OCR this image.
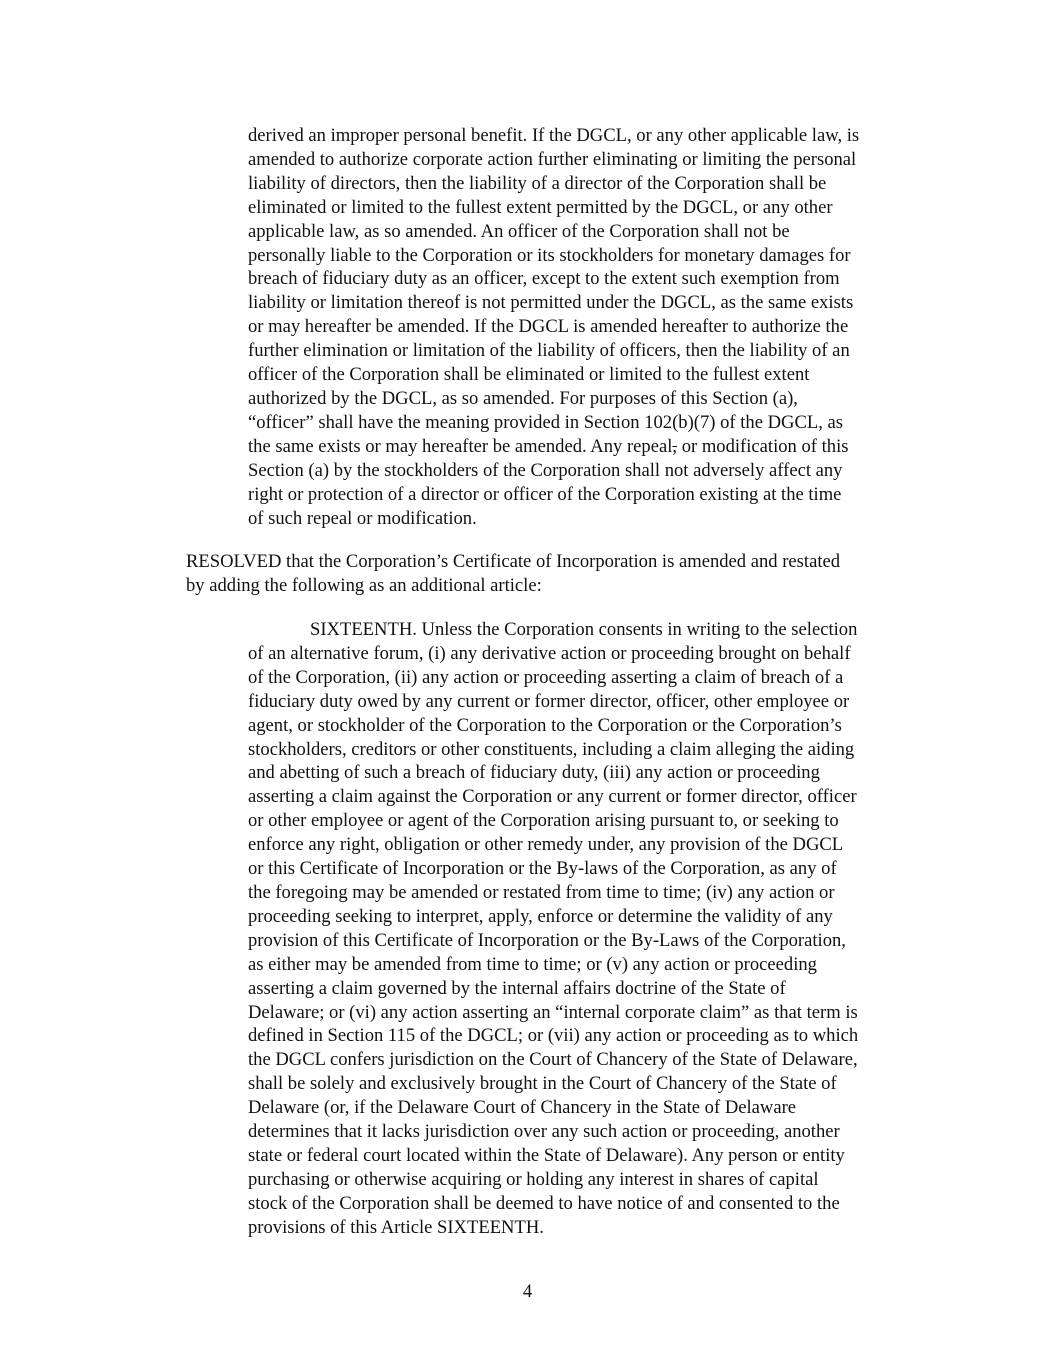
derived an improper personal benefit. If the DGCL, or any other applicable law, is
amended to authorize corporate action further eliminating or limiting the personal
liability of directors, then the liability of a director of the Corporation shall be
eliminated or limited to the fullest extent permitted by the DGCL, or any other
applicable law, as so amended. An officer of the Corporation shall not be
personally liable to the Corporation or its stockholders for monetary damages for
breach of fiduciary duty as an officer, except to the extent such exemption from
liability or limitation thereof is not permitted under the DGCL, as the same exists
or may hereafter be amended. If the DGCL is amended hereafter to authorize the
further elimination or limitation of the liability of officers, then the liability of an
officer of the Corporation shall be eliminated or limited to the fullest extent
authorized by the DGCL, as so amended. For purposes of this Section (a),
“officer” shall have the meaning provided in Section 102(b)(7) of the DGCL, as
the same exists or may hereafter be amended. Any repeal, or modification of this
Section (a) by the stockholders of the Corporation shall not adversely affect any
right or protection of a director or officer of the Corporation existing at the time
of such repeal or modification.
RESOLVED that the Corporation’s Certificate of Incorporation is amended and restated
by adding the following as an additional article:
SIXTEENTH. Unless the Corporation consents in writing to the selection
of an alternative forum, (i) any derivative action or proceeding brought on behalf
of the Corporation, (ii) any action or proceeding asserting a claim of breach of a
fiduciary duty owed by any current or former director, officer, other employee or
agent, or stockholder of the Corporation to the Corporation or the Corporation’s
stockholders, creditors or other constituents, including a claim alleging the aiding
and abetting of such a breach of fiduciary duty, (iii) any action or proceeding
asserting a claim against the Corporation or any current or former director, officer
or other employee or agent of the Corporation arising pursuant to, or seeking to
enforce any right, obligation or other remedy under, any provision of the DGCL
or this Certificate of Incorporation or the By-laws of the Corporation, as any of
the foregoing may be amended or restated from time to time; (iv) any action or
proceeding seeking to interpret, apply, enforce or determine the validity of any
provision of this Certificate of Incorporation or the By-Laws of the Corporation,
as either may be amended from time to time; or (v) any action or proceeding
asserting a claim governed by the internal affairs doctrine of the State of
Delaware; or (vi) any action asserting an “internal corporate claim” as that term is
defined in Section 115 of the DGCL; or (vii) any action or proceeding as to which
the DGCL confers jurisdiction on the Court of Chancery of the State of Delaware,
shall be solely and exclusively brought in the Court of Chancery of the State of
Delaware (or, if the Delaware Court of Chancery in the State of Delaware
determines that it lacks jurisdiction over any such action or proceeding, another
state or federal court located within the State of Delaware). Any person or entity
purchasing or otherwise acquiring or holding any interest in shares of capital
stock of the Corporation shall be deemed to have notice of and consented to the
provisions of this Article SIXTEENTH.
4
